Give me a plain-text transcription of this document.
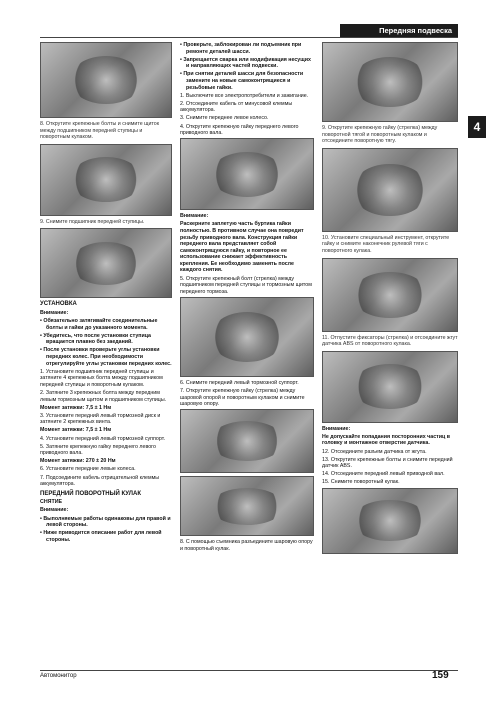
Передняя подвеска
4

8. Открутите крепежные болты и снимите щиток между подшипником передней ступицы и поворотным кулаком.

9. Снимите подшипник передней ступицы.

УСТАНОВКА

Внимание:

• Обязательно затягивайте соединительные болты и гайки до указанного момента.

• Убедитесь, что после установки ступица вращается плавно без заеданий.

• После установки проверьте углы установки передних колес. При необходимости отрегулируйте углы установки передних колес.

1. Установите подшипник передней ступицы и затяните 4 крепежных болта между подшипником передней ступицы и поворотным кулаком.

2. Затяните 3 крепежных болта между передним левым тормозным щитом и подшипником ступицы.

Момент затяжки: 7,5 ± 1 Нм

3. Установите передний левый тормозной диск и затяните 2 крепежных винта.

Момент затяжки: 7,5 ± 1 Нм

4. Установите передний левый тормозной суппорт.

5. Затяните крепежную гайку переднего левого приводного вала.

Момент затяжки: 270 ± 20 Нм

6. Установите передние левые колеса.

7. Подсоедините кабель отрицательной клеммы аккумулятора.

ПЕРЕДНИЙ ПОВОРОТНЫЙ КУЛАК

СНЯТИЕ

Внимание:

• Выполняемые работы одинаковы для правой и левой стороны.

• Ниже приводится описание работ для левой стороны.

• Проверьте, заблокирован ли подъемник при ремонте деталей шасси.

• Запрещается сварка или модификация несущих и направляющих частей подвески.

• При снятии деталей шасси для безопасности замените на новые самоконтрящиеся и резьбовые гайки.

1. Выключите все электропотребители и зажигание.

2. Отсоедините кабель от минусовой клеммы аккумулятора.

3. Снимите переднее левое колесо.

4. Открутите крепежную гайку переднего левого приводного вала.

Внимание:

Раскерните заплетую часть буртика гайки полностью. В противном случае она повредит резьбу приводного вала. Конструкция гайки переднего вала представляет собой самоконтрящуюся гайку, и повторное ее использование снижает эффективность крепления. Ее необходимо заменять после каждого снятия.

5. Открутите крепежный болт (стрелка) между подшипником передней ступицы и тормозным щитом переднего тормоза.

6. Снимите передний левый тормозной суппорт.

7. Открутите крепежную гайку (стрелка) между шаровой опорой и поворотным кулаком и снимите шаровую опору.

8. С помощью съемника разъедините шаровую опору и поворотный кулак.

9. Открутите крепежную гайку (стрелка) между поворотной тягой и поворотным кулаком и отсоедините поворотную тягу.

10. Установите специальный инструмент, открутите гайку и снимите наконечник рулевой тяги с поворотного кулака.

11. Отпустите фиксаторы (стрелка) и отсоедините жгут датчика ABS от поворотного кулака.

Внимание:

Не допускайте попадания посторонних частиц в головку и монтажное отверстие датчика.

12. Отсоедините разъем датчика от жгута.

13. Открутите крепежные болты и снимите передний датчик ABS.

14. Отсоедините передний левый приводной вал.

15. Снимите поворотный кулак.

Автомонитор	159
